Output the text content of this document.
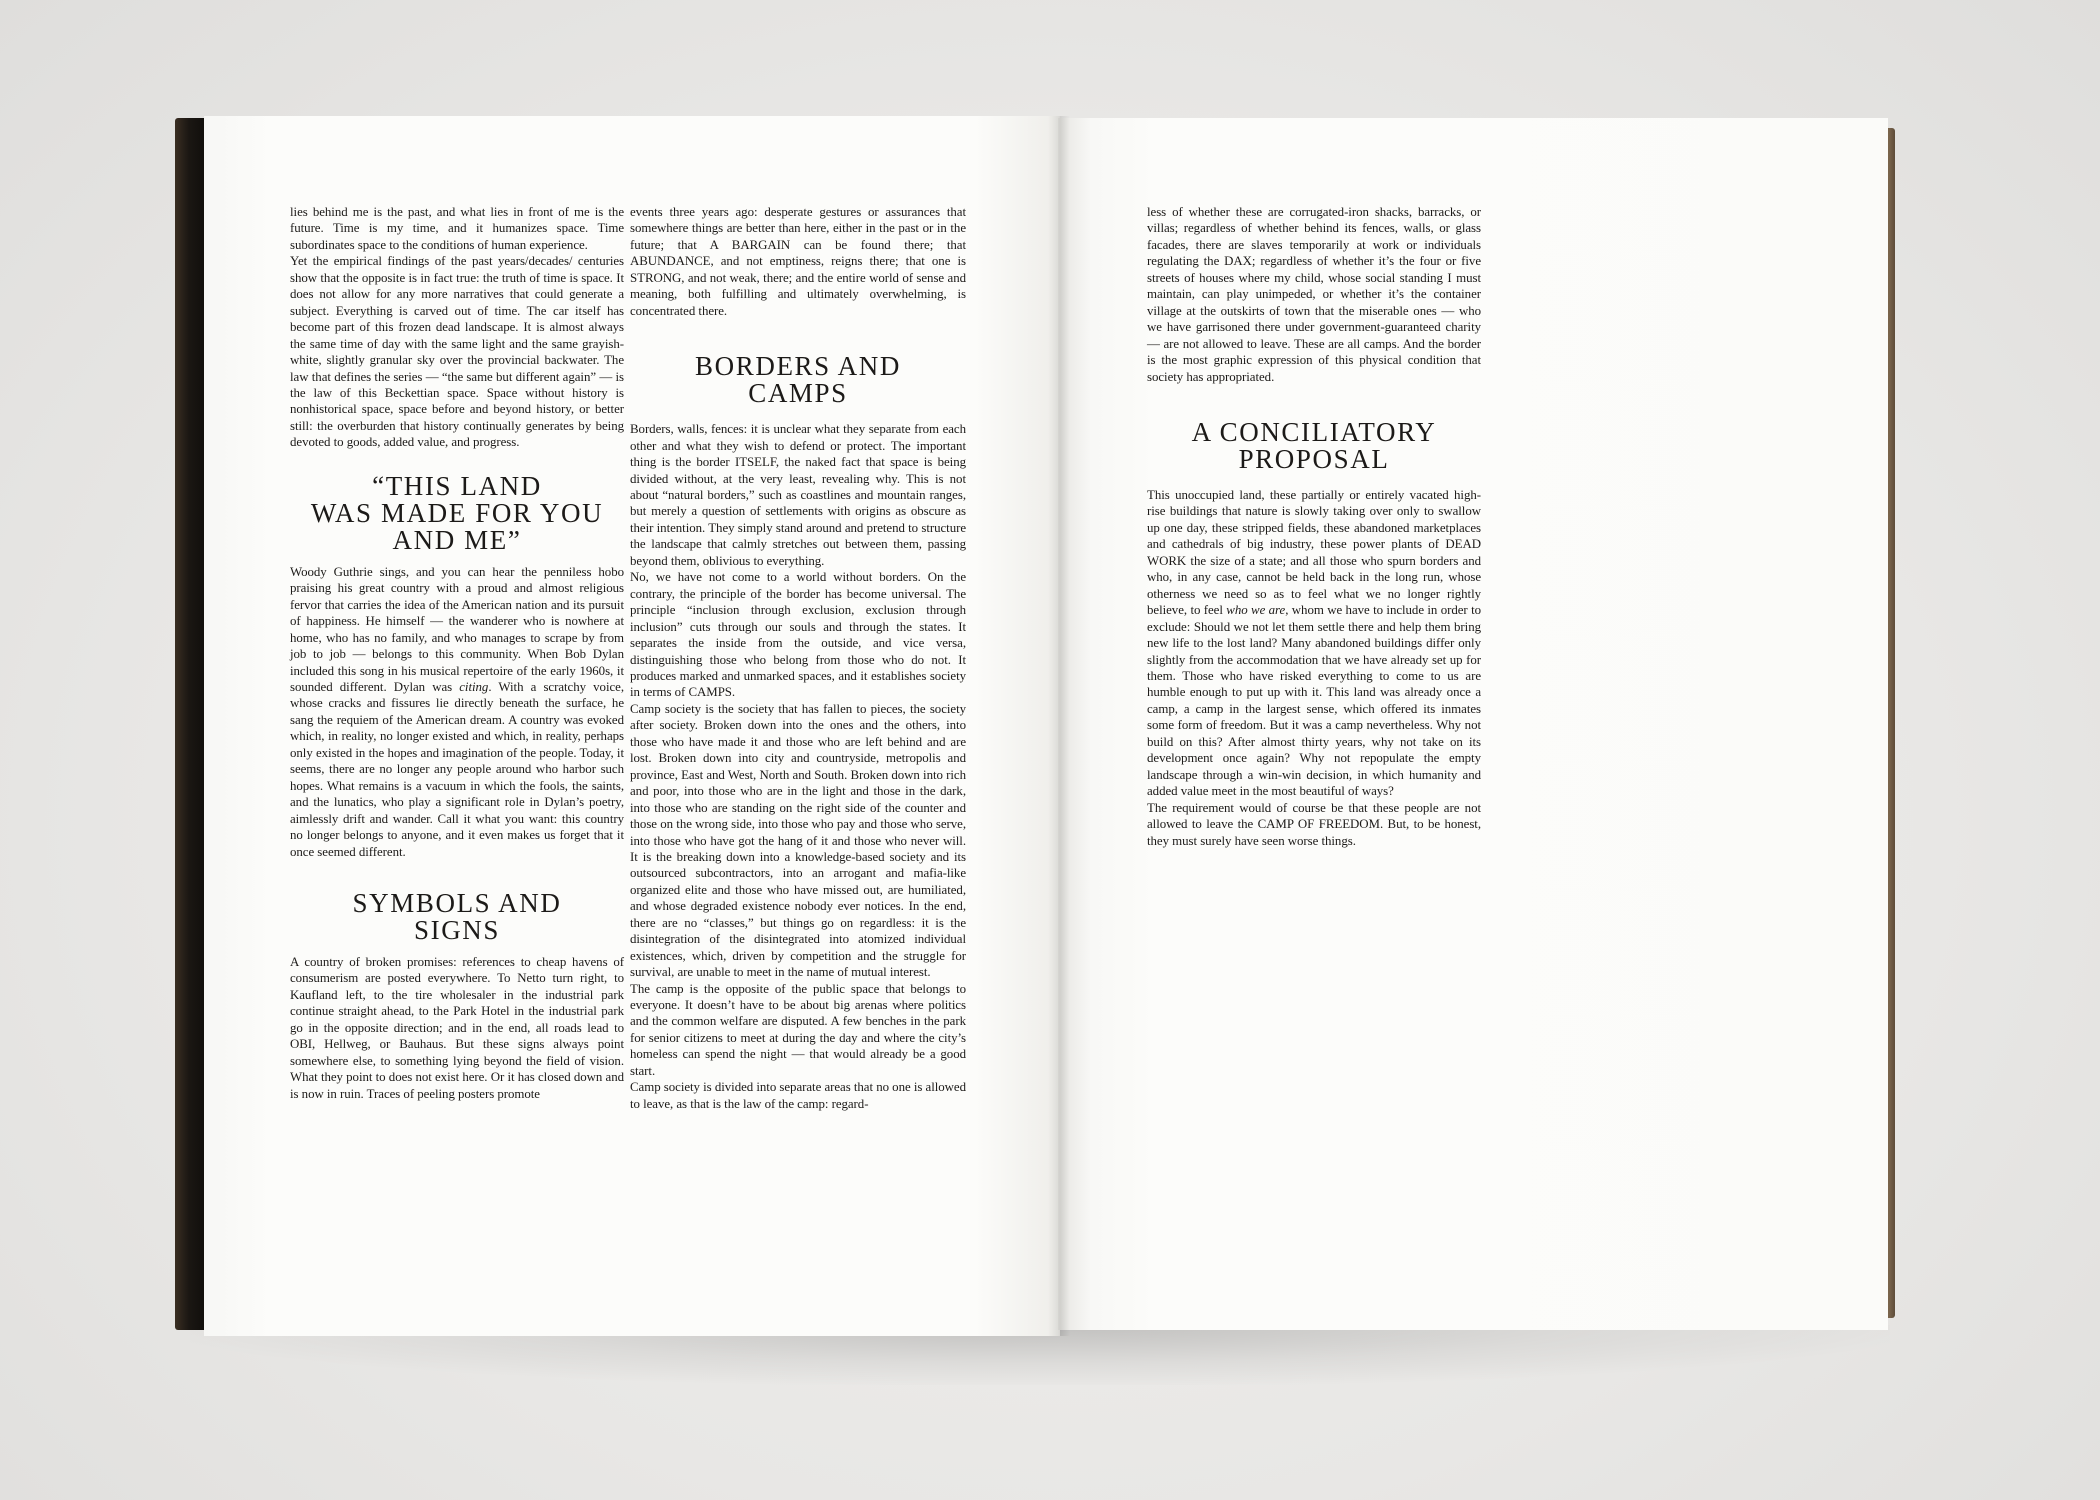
lies behind me is the past, and what lies in front of me is the future. Time is my time, and it humanizes space. Time subordinates space to the conditions of human experience.

Yet the empirical findings of the past years/decades/ centuries show that the opposite is in fact true: the truth of time is space. It does not allow for any more narratives that could generate a subject. Everything is carved out of time. The car itself has become part of this frozen dead landscape. It is almost always the same time of day with the same light and the same grayish-white, slightly granular sky over the provincial backwater. The law that defines the series — “the same but different again” — is the law of this Beckettian space. Space without history is nonhistorical space, space before and beyond history, or better still: the overburden that history continually generates by being devoted to goods, added value, and progress.

“THIS LAND
WAS MADE FOR YOU
AND ME”

Woody Guthrie sings, and you can hear the penniless hobo praising his great country with a proud and almost religious fervor that carries the idea of the American nation and its pursuit of happiness. He himself — the wanderer who is nowhere at home, who has no family, and who manages to scrape by from job to job — belongs to this community. When Bob Dylan included this song in his musical repertoire of the early 1960s, it sounded different. Dylan was citing. With a scratchy voice, whose cracks and fissures lie directly beneath the surface, he sang the requiem of the American dream. A country was evoked which, in reality, no longer existed and which, in reality, perhaps only existed in the hopes and imagination of the people. Today, it seems, there are no longer any people around who harbor such hopes. What remains is a vacuum in which the fools, the saints, and the lunatics, who play a significant role in Dylan’s poetry, aimlessly drift and wander. Call it what you want: this country no longer belongs to anyone, and it even makes us forget that it once seemed different.

SYMBOLS AND
SIGNS

A country of broken promises: references to cheap havens of consumerism are posted everywhere. To Netto turn right, to Kaufland left, to the tire wholesaler in the industrial park continue straight ahead, to the Park Hotel in the industrial park go in the opposite direction; and in the end, all roads lead to OBI, Hellweg, or Bauhaus. But these signs always point somewhere else, to something lying beyond the field of vision. What they point to does not exist here. Or it has closed down and is now in ruin. Traces of peeling posters promote

events three years ago: desperate gestures or assurances that somewhere things are better than here, either in the past or in the future; that A BARGAIN can be found there; that ABUNDANCE, and not emptiness, reigns there; that one is STRONG, and not weak, there; and the entire world of sense and meaning, both fulfilling and ultimately overwhelming, is concentrated there.

BORDERS AND
CAMPS

Borders, walls, fences: it is unclear what they separate from each other and what they wish to defend or protect. The important thing is the border ITSELF, the naked fact that space is being divided without, at the very least, revealing why. This is not about “natural borders,” such as coastlines and mountain ranges, but merely a question of settlements with origins as obscure as their intention. They simply stand around and pretend to structure the landscape that calmly stretches out between them, passing beyond them, oblivious to everything.

No, we have not come to a world without borders. On the contrary, the principle of the border has become universal. The principle “inclusion through exclusion, exclusion through inclusion” cuts through our souls and through the states. It separates the inside from the outside, and vice versa, distinguishing those who belong from those who do not. It produces marked and unmarked spaces, and it establishes society in terms of CAMPS.

Camp society is the society that has fallen to pieces, the society after society. Broken down into the ones and the others, into those who have made it and those who are left behind and are lost. Broken down into city and countryside, metropolis and province, East and West, North and South. Broken down into rich and poor, into those who are in the light and those in the dark, into those who are standing on the right side of the counter and those on the wrong side, into those who pay and those who serve, into those who have got the hang of it and those who never will. It is the breaking down into a knowledge-based society and its outsourced subcontractors, into an arrogant and mafia-like organized elite and those who have missed out, are humiliated, and whose degraded existence nobody ever notices. In the end, there are no “classes,” but things go on regardless: it is the disintegration of the disintegrated into atomized individual existences, which, driven by competition and the struggle for survival, are unable to meet in the name of mutual interest.

The camp is the opposite of the public space that belongs to everyone. It doesn’t have to be about big arenas where politics and the common welfare are disputed. A few benches in the park for senior citizens to meet at during the day and where the city’s homeless can spend the night — that would already be a good start.

Camp society is divided into separate areas that no one is allowed to leave, as that is the law of the camp: regard-

less of whether these are corrugated-iron shacks, barracks, or villas; regardless of whether behind its fences, walls, or glass facades, there are slaves temporarily at work or individuals regulating the DAX; regardless of whether it’s the four or five streets of houses where my child, whose social standing I must maintain, can play unimpeded, or whether it’s the container village at the outskirts of town that the miserable ones — who we have garrisoned there under government-guaranteed charity — are not allowed to leave. These are all camps. And the border is the most graphic expression of this physical condition that society has appropriated.

A CONCILIATORY
PROPOSAL

This unoccupied land, these partially or entirely vacated high-rise buildings that nature is slowly taking over only to swallow up one day, these stripped fields, these abandoned marketplaces and cathedrals of big industry, these power plants of DEAD WORK the size of a state; and all those who spurn borders and who, in any case, cannot be held back in the long run, whose otherness we need so as to feel what we no longer rightly believe, to feel who we are, whom we have to include in order to exclude: Should we not let them settle there and help them bring new life to the lost land? Many abandoned buildings differ only slightly from the accommodation that we have already set up for them. Those who have risked everything to come to us are humble enough to put up with it. This land was already once a camp, a camp in the largest sense, which offered its inmates some form of freedom. But it was a camp nevertheless. Why not build on this? After almost thirty years, why not take on its development once again? Why not repopulate the empty landscape through a win-win decision, in which humanity and added value meet in the most beautiful of ways?

The requirement would of course be that these people are not allowed to leave the CAMP OF FREEDOM. But, to be honest, they must surely have seen worse things.
